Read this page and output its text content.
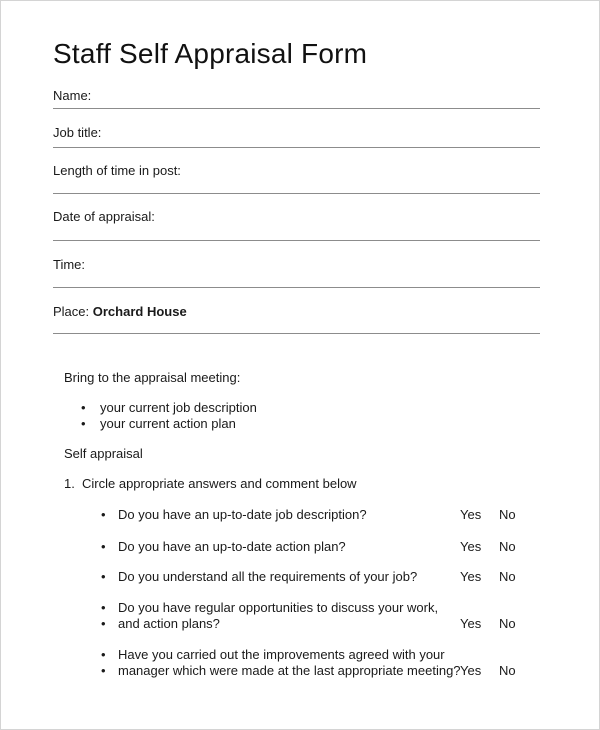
Staff Self Appraisal Form
Name:
Job title:
Length of time in post:
Date of appraisal:
Time:
Place: Orchard House
Bring to the appraisal meeting:
• your current job description
• your current action plan
Self appraisal
1. Circle appropriate answers and comment below
• Do you have an up-to-date job description?	Yes No
• Do you have an up-to-date action plan?	Yes No
• Do you understand all the requirements of your job?	Yes No
• Do you have regular opportunities to discuss your work,
• and action plans?	Yes No
• Have you carried out the improvements agreed with your
• manager which were made at the last appropriate meeting? Yes No
